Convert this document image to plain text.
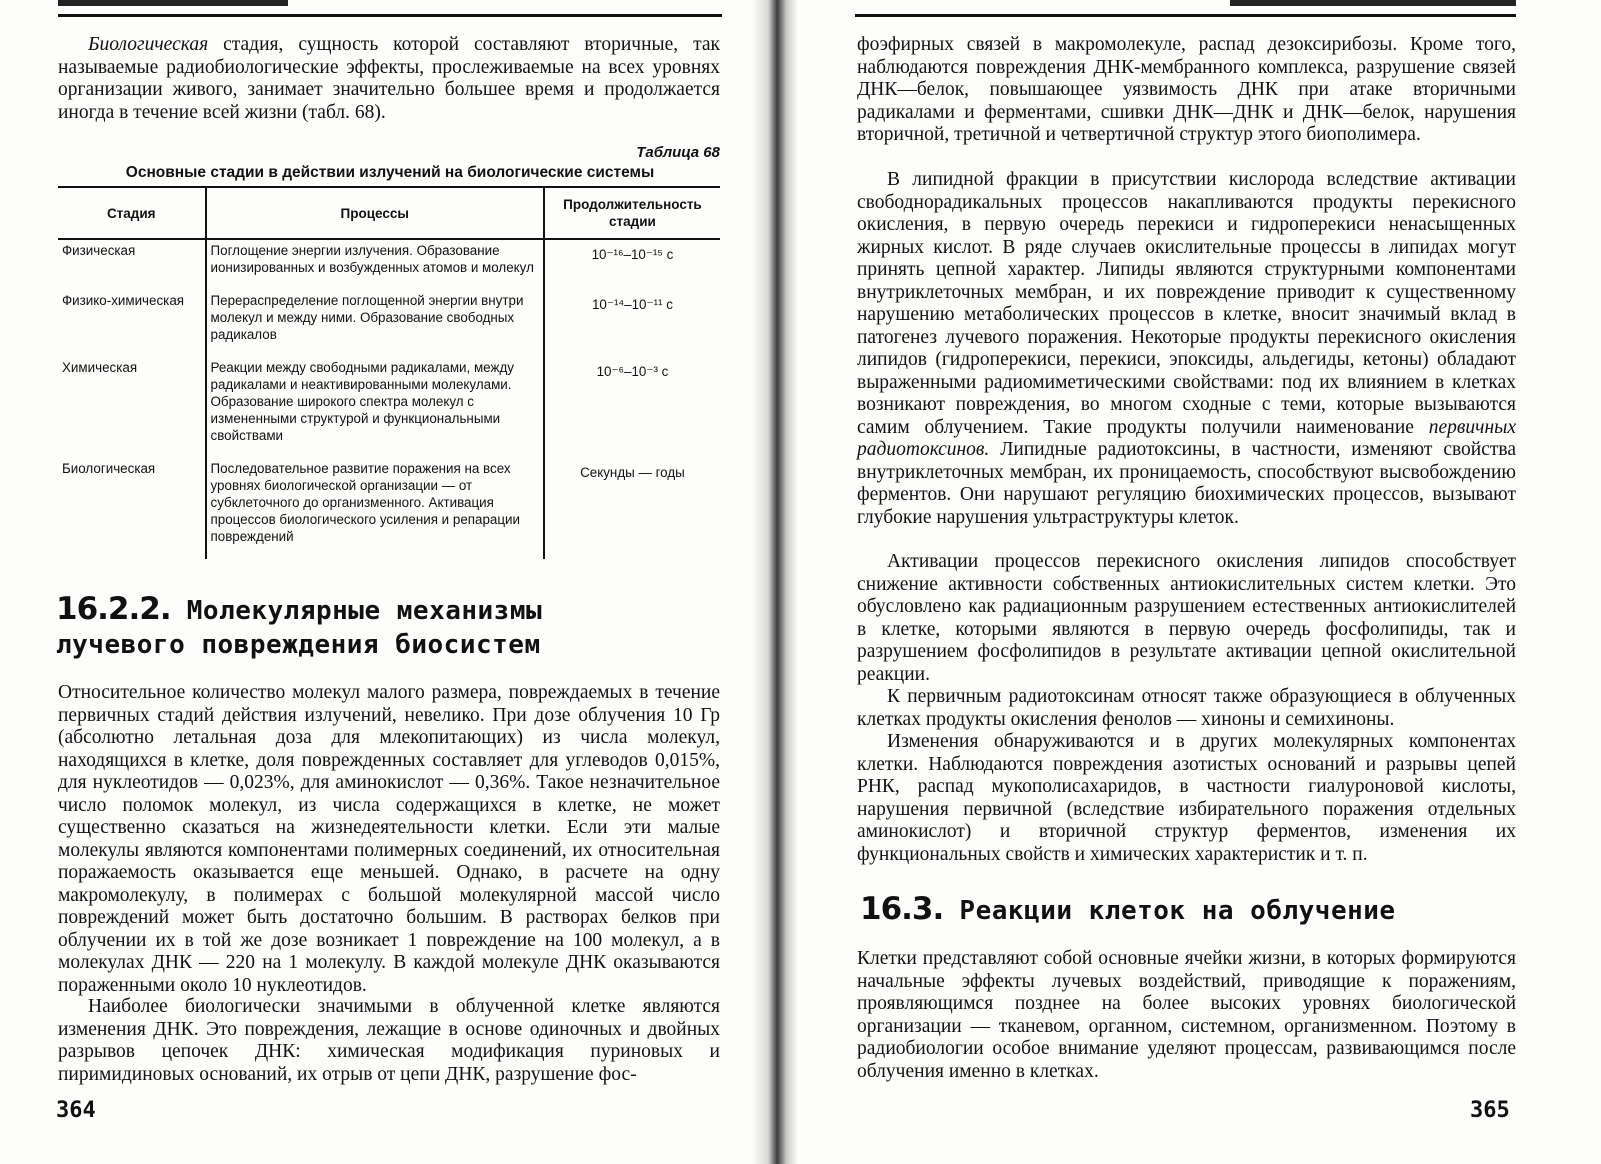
Биологическая стадия, сущность которой составляют вторичные, так называемые радиобиологические эффекты, прослеживаемые на всех уровнях организации живого, занимает значительно большее время и продолжается иногда в течение всей жизни (табл. 68).

Таблица 68
Основные стадии в действии излучений на биологические системы
Стадия	Процессы	Продолжительность стадии
Физическая	Поглощение энергии излучения. Образование ионизированных и возбужденных атомов и молекул	10⁻¹⁶–10⁻¹⁵ с
Физико-химическая	Перераспределение поглощенной энергии внутри молекул и между ними. Образование свободных радикалов	10⁻¹⁴–10⁻¹¹ с
Химическая	Реакции между свободными радикалами, между радикалами и неактивированными молекулами. Образование широкого спектра молекул с измененными структурой и функциональными свойствами	10⁻⁶–10⁻³ с
Биологическая	Последовательное развитие поражения на всех уровнях биологической организации — от субклеточного до организменного. Активация процессов биологического усиления и репарации повреждений	Секунды — годы
16.2.2. Молекулярные механизмы
лучевого повреждения биосистем

Относительное количество молекул малого размера, повреждаемых в течение первичных стадий действия излучений, невелико. При дозе облучения 10 Гр (абсолютно летальная доза для млекопитающих) из числа молекул, находящихся в клетке, доля поврежденных составляет для углеводов 0,015%, для нуклеотидов — 0,023%, для аминокислот — 0,36%. Такое незначительное число поломок молекул, из числа содержащихся в клетке, не может существенно сказаться на жизнедеятельности клетки. Если эти малые молекулы являются компонентами полимерных соединений, их относительная поражаемость оказывается еще меньшей. Однако, в расчете на одну макромолекулу, в полимерах с большой молекулярной массой число повреждений может быть достаточно большим. В растворах белков при облучении их в той же дозе возникает 1 повреждение на 100 молекул, а в молекулах ДНК — 220 на 1 молекулу. В каждой молекуле ДНК оказываются пораженными около 10 нуклеотидов.

Наиболее биологически значимыми в облученной клетке являются изменения ДНК. Это повреждения, лежащие в основе одиночных и двойных разрывов цепочек ДНК: химическая модификация пуриновых и пиримидиновых оснований, их отрыв от цепи ДНК, разрушение фос-

364

фоэфирных связей в макромолекуле, распад дезоксирибозы. Кроме того, наблюдаются повреждения ДНК-мембранного комплекса, разрушение связей ДНК—белок, повышающее уязвимость ДНК при атаке вторичными радикалами и ферментами, сшивки ДНК—ДНК и ДНК—белок, нарушения вторичной, третичной и четвертичной структур этого биополимера.

В липидной фракции в присутствии кислорода вследствие активации свободнорадикальных процессов накапливаются продукты перекисного окисления, в первую очередь перекиси и гидроперекиси ненасыщенных жирных кислот. В ряде случаев окислительные процессы в липидах могут принять цепной характер. Липиды являются структурными компонентами внутриклеточных мембран, и их повреждение приводит к существенному нарушению метаболических процессов в клетке, вносит значимый вклад в патогенез лучевого поражения. Некоторые продукты перекисного окисления липидов (гидроперекиси, перекиси, эпоксиды, альдегиды, кетоны) обладают выраженными радиомиметическими свойствами: под их влиянием в клетках возникают повреждения, во многом сходные с теми, которые вызываются самим облучением. Такие продукты получили наименование первичных радиотоксинов. Липидные радиотоксины, в частности, изменяют свойства внутриклеточных мембран, их проницаемость, способствуют высвобождению ферментов. Они нарушают регуляцию биохимических процессов, вызывают глубокие нарушения ультраструктуры клеток.

Активации процессов перекисного окисления липидов способствует снижение активности собственных антиокислительных систем клетки. Это обусловлено как радиационным разрушением естественных антиокислителей в клетке, которыми являются в первую очередь фосфолипиды, так и разрушением фосфолипидов в результате активации цепной окислительной реакции.

К первичным радиотоксинам относят также образующиеся в облученных клетках продукты окисления фенолов — хиноны и семихиноны.

Изменения обнаруживаются и в других молекулярных компонентах клетки. Наблюдаются повреждения азотистых оснований и разрывы цепей РНК, распад мукополисахаридов, в частности гиалуроновой кислоты, нарушения первичной (вследствие избирательного поражения отдельных аминокислот) и вторичной структур ферментов, изменения их функциональных свойств и химических характеристик и т. п.

16.3. Реакции клеток на облучение

Клетки представляют собой основные ячейки жизни, в которых формируются начальные эффекты лучевых воздействий, приводящие к поражениям, проявляющимся позднее на более высоких уровнях биологической организации — тканевом, органном, системном, организменном. Поэтому в радиобиологии особое внимание уделяют процессам, развивающимся после облучения именно в клетках.

365
